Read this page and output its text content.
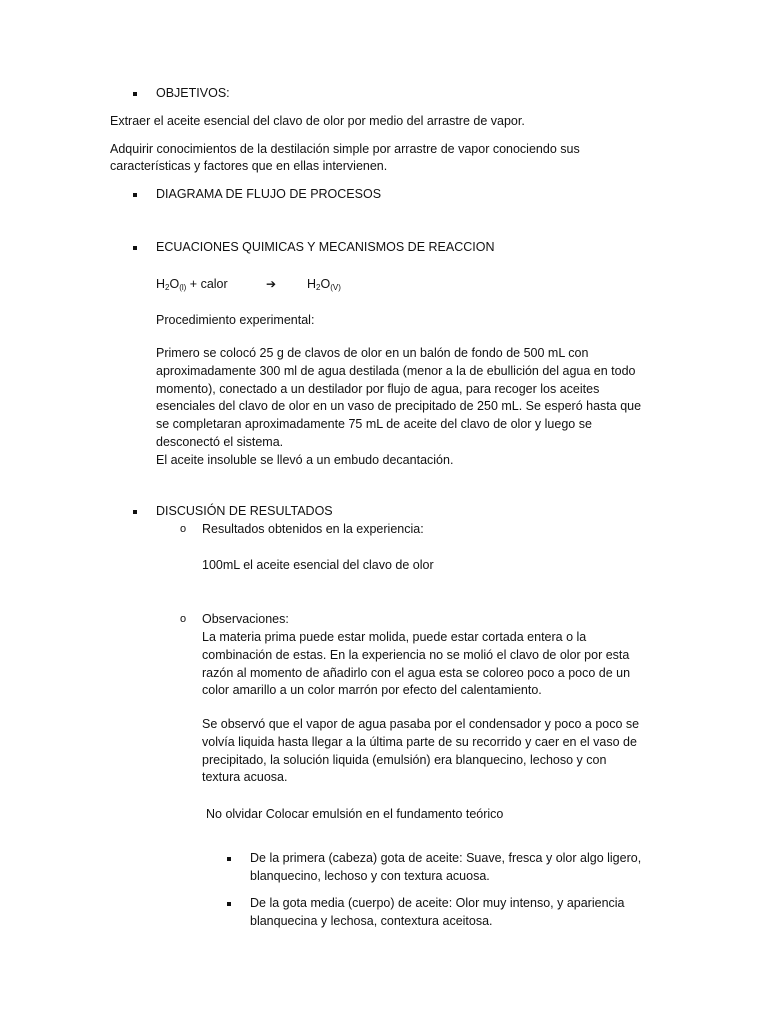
OBJETIVOS:
Extraer el aceite esencial del clavo de olor por medio del arrastre de vapor.
Adquirir conocimientos de la destilación simple por arrastre de vapor conociendo sus
características y factores que en ellas intervienen.
DIAGRAMA DE FLUJO DE PROCESOS
ECUACIONES QUIMICAS Y MECANISMOS DE REACCION
H2O(l) + calor	➔ H2O(V)
Procedimiento experimental:
Primero se colocó 25 g de clavos de olor en un balón de fondo de 500 mL con
aproximadamente 300 ml de agua destilada (menor a la de ebullición del agua en todo
momento), conectado a un destilador por flujo de agua, para recoger los aceites
esenciales del clavo de olor en un vaso de precipitado de 250 mL. Se esperó hasta que
se completaran aproximadamente 75 mL de aceite del clavo de olor y luego se
desconectó el sistema.
El aceite insoluble se llevó a un embudo decantación.
DISCUSIÓN DE RESULTADOS
o Resultados obtenidos en la experiencia:
100mL el aceite esencial del clavo de olor
o Observaciones:
La materia prima puede estar molida, puede estar cortada entera o la
combinación de estas. En la experiencia no se molió el clavo de olor por esta
razón al momento de añadirlo con el agua esta se coloreo poco a poco de un
color amarillo a un color marrón por efecto del calentamiento.
Se observó que el vapor de agua pasaba por el condensador y poco a poco se
volvía liquida hasta llegar a la última parte de su recorrido y caer en el vaso de
precipitado, la solución liquida (emulsión) era blanquecino, lechoso y con
textura acuosa.
No olvidar Colocar emulsión en el fundamento teórico
De la primera (cabeza) gota de aceite: Suave, fresca y olor algo ligero,
blanquecino, lechoso y con textura acuosa.
De la gota media (cuerpo) de aceite: Olor muy intenso, y apariencia
blanquecina y lechosa, contextura aceitosa.
